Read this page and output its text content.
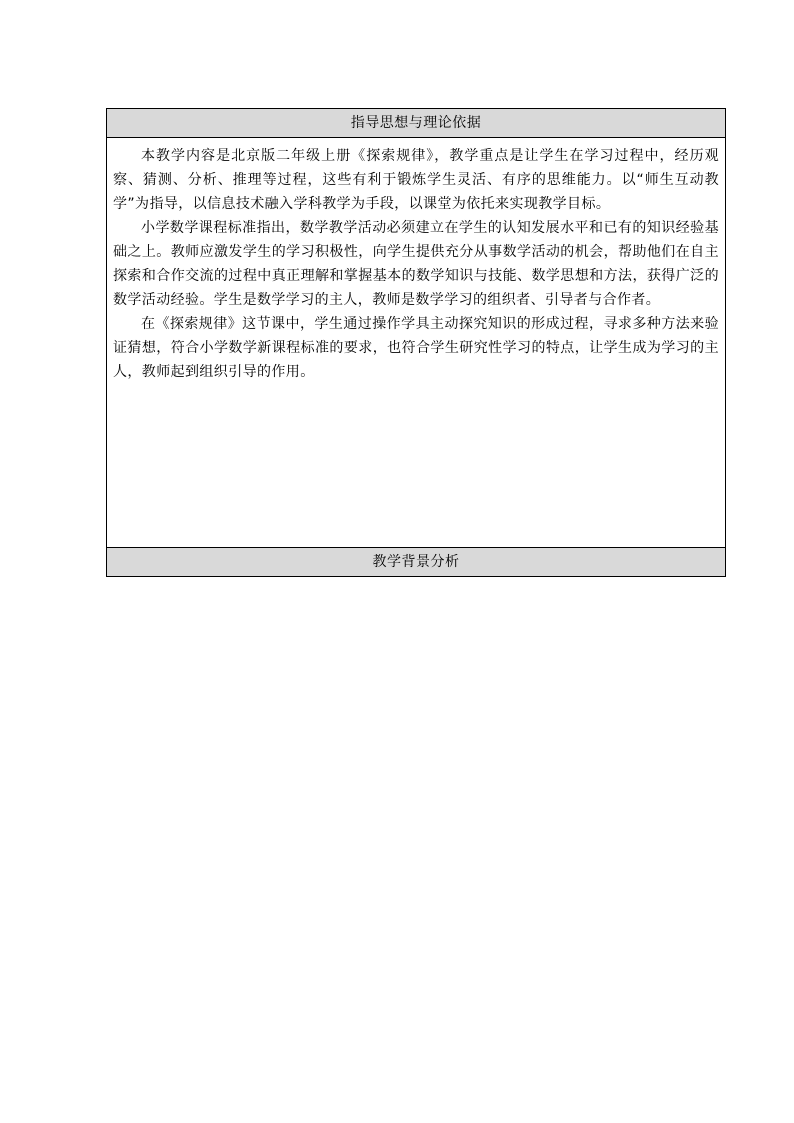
指导思想与理论依据

本教学内容是北京版二年级上册《探索规律》，教学重点是让学生在学习过程中，经历观察、猜测、分析、推理等过程，这些有利于锻炼学生灵活、有序的思维能力。以“师生互动教学”为指导，以信息技术融入学科教学为手段，以课堂为依托来实现教学目标。

小学数学课程标准指出，数学教学活动必须建立在学生的认知发展水平和已有的知识经验基础之上。教师应激发学生的学习积极性，向学生提供充分从事数学活动的机会，帮助他们在自主探索和合作交流的过程中真正理解和掌握基本的数学知识与技能、数学思想和方法，获得广泛的数学活动经验。学生是数学学习的主人，教师是数学学习的组织者、引导者与合作者。

在《探索规律》这节课中，学生通过操作学具主动探究知识的形成过程，寻求多种方法来验证猜想，符合小学数学新课程标准的要求，也符合学生研究性学习的特点，让学生成为学习的主人，教师起到组织引导的作用。

教学背景分析
